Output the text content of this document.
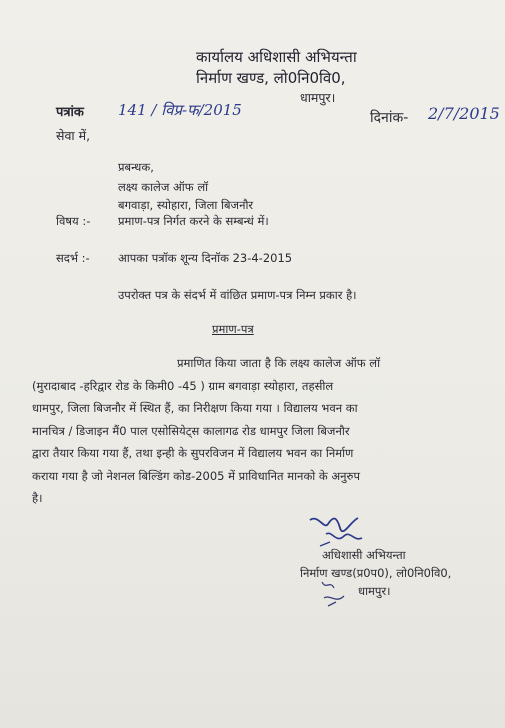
कार्यालय अधिशासी अभियन्ता
निर्माण खण्ड, लो0नि0वि0,
धामपुर।
पत्रांक 141 / विप्र-फ/2015	दिनांक- 2/7/2015
सेवा में,
प्रबन्धक,
लक्ष्य कालेज ऑफ लॉ
बगवाड़ा, स्योहारा, जिला बिजनौर
विषय :- प्रमाण-पत्र निर्गत करने के सम्बन्धं में।
सदर्भ :- आपका पत्रॉक शून्य दिनॉक 23-4-2015
उपरोक्त पत्र के संदर्भ में वांछित प्रमाण-पत्र निम्न प्रकार है।
प्रमाण-पत्र
प्रमाणित किया जाता है कि लक्ष्य कालेज ऑफ लॉ
(मुरादाबाद -हरिद्वार रोड के किमी0 -45 ) ग्राम बगवाड़ा स्योहारा, तहसील
धामपुर, जिला बिजनौर में स्थित हैं, का निरीक्षण किया गया । विद्यालय भवन का
मानचित्र / डिजाइन मैं0 पाल एसोसियेट्स कालागढ रोड धामपुर जिला बिजनौर
द्वारा तैयार किया गया हैं, तथा इन्ही के सुपरविजन में विद्यालय भवन का निर्माण
कराया गया है जो नेशनल बिल्डिंग कोड-2005 में प्राविधानित मानको के अनुरुप
है।
अधिशासी अभियन्ता
निर्माण खण्ड(प्र0प0), लो0नि0वि0,
धामपुर।
